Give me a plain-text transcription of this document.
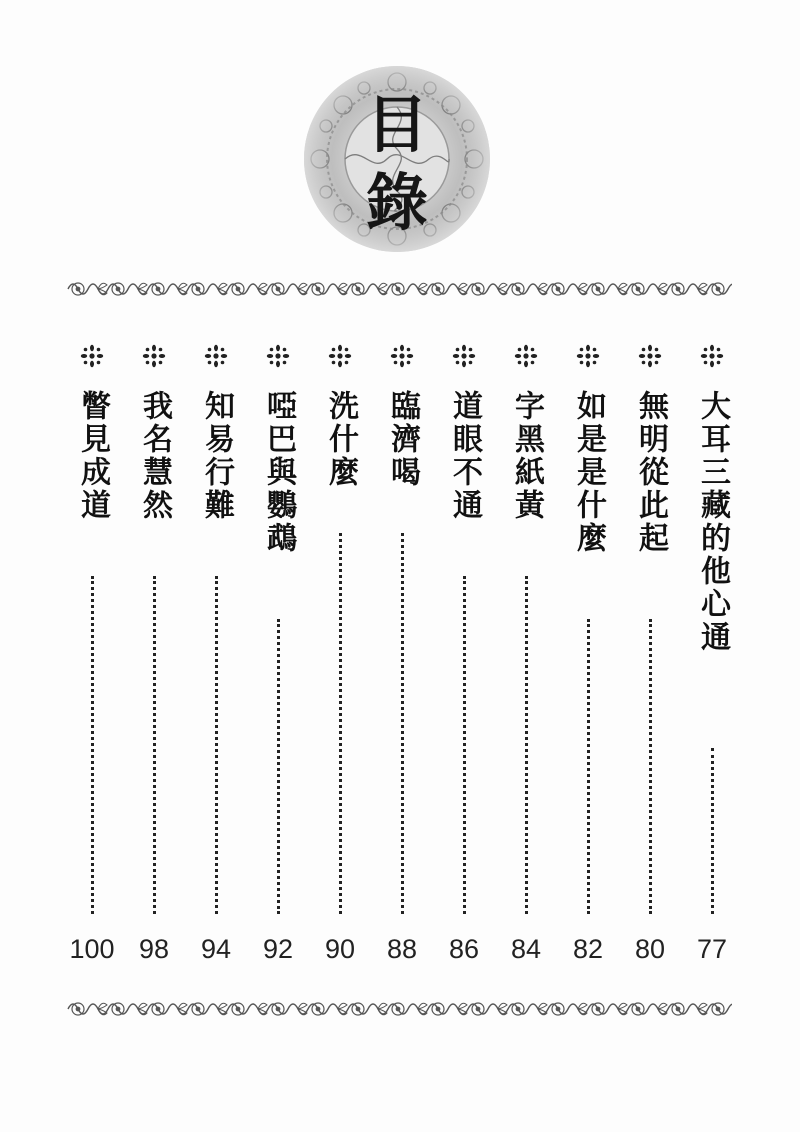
目
錄
大耳三藏的他心通
77
無明從此起
80
如是是什麼
82
字黑紙黃
84
道眼不通
86
臨濟喝
88
洗什麼
90
啞巴與鸚鵡
92
知易行難
94
我名慧然
98
瞥見成道
100
